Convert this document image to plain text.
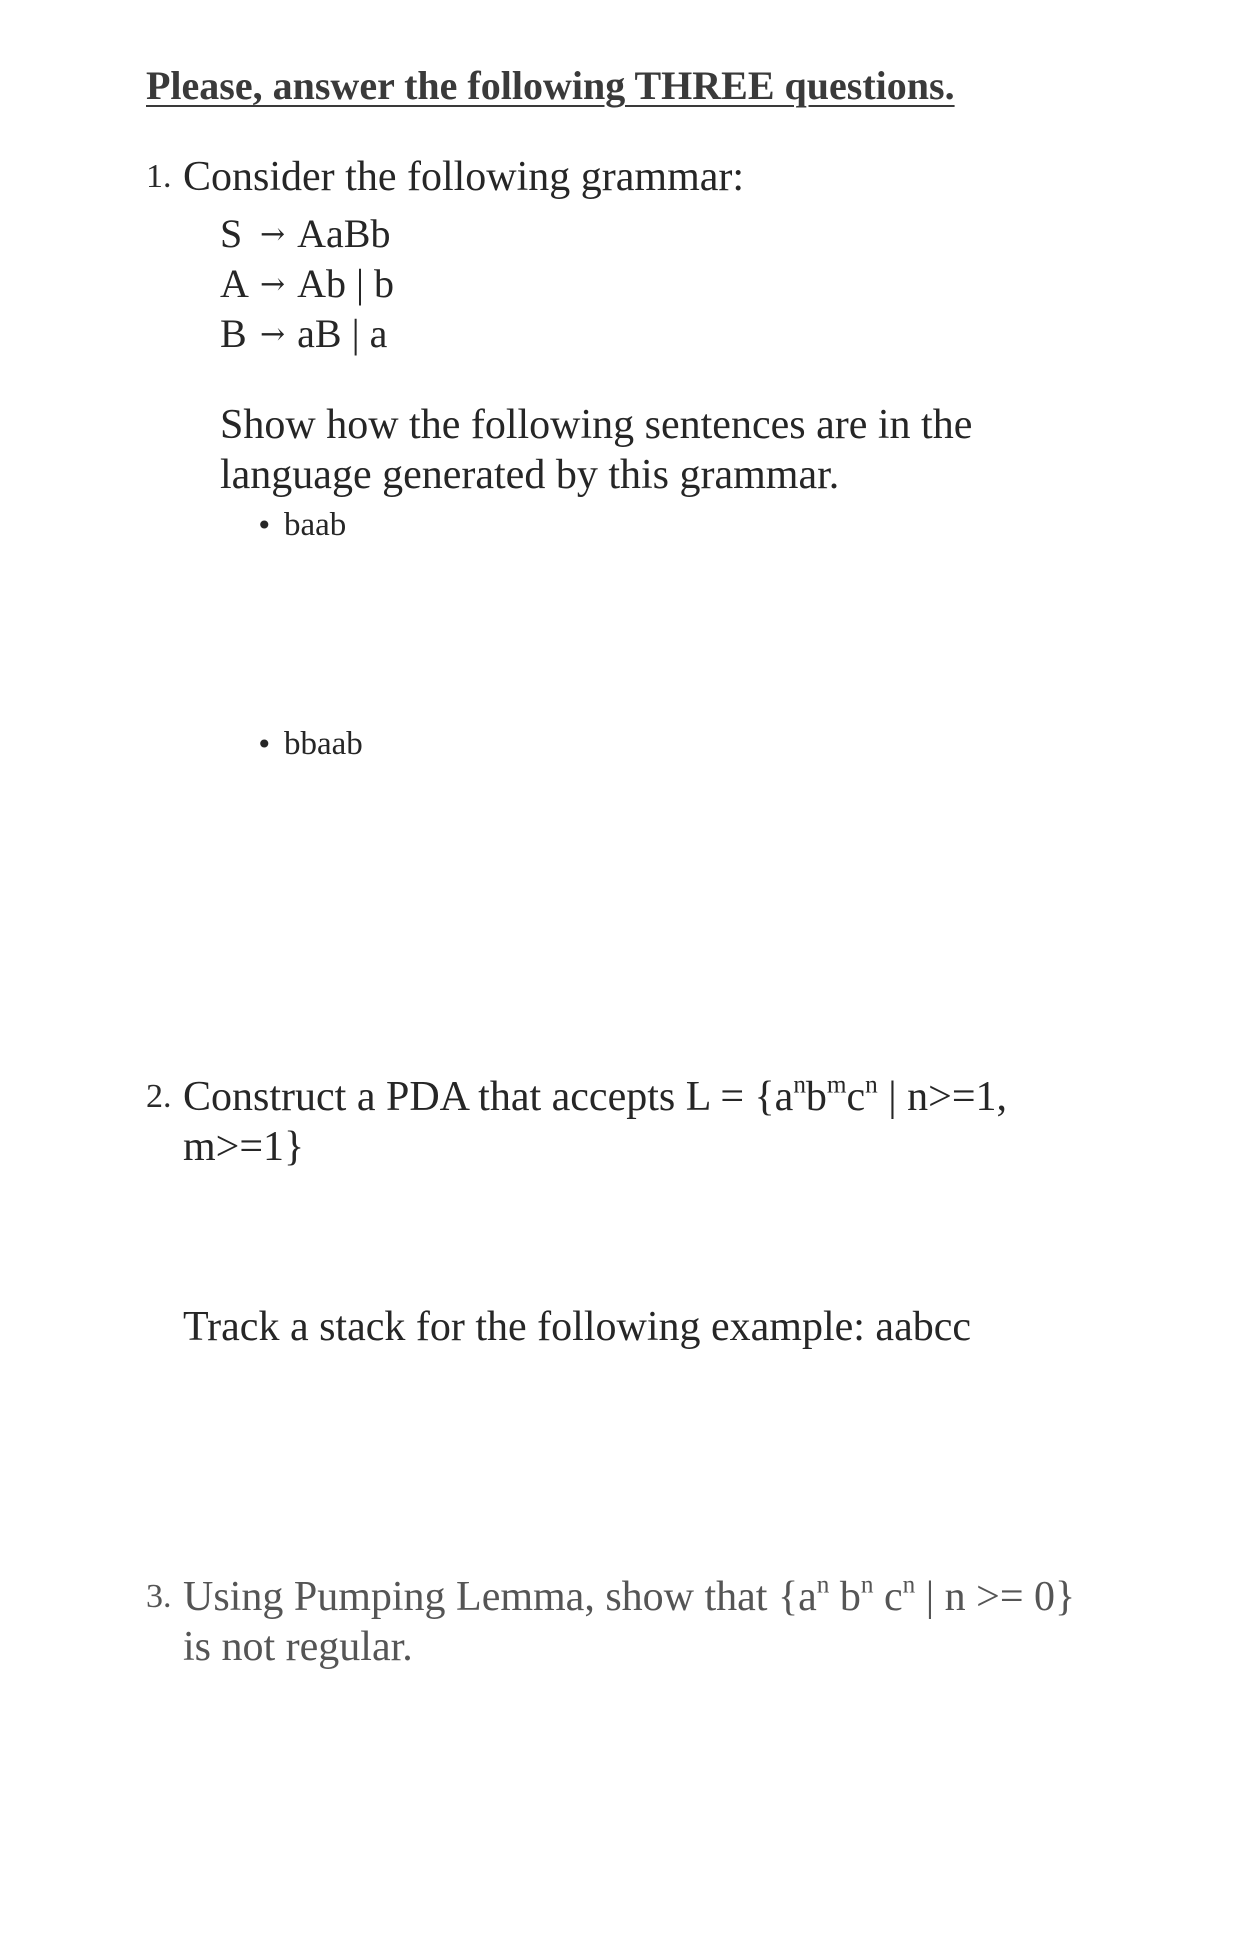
Please, answer the following THREE questions.
1. Consider the following grammar:
S → AaBb
A → Ab | b
B → aB | a
Show how the following sentences are in the
language generated by this grammar.
• baab
• bbaab
2. Construct a PDA that accepts $L = \{a^nb^mc^n$ | n>=1,
m>=1}
Track a stack for the following example: aabcc
3. Using Pumping Lemma, show that {$a^n$ $b^n$ $c^n$ | n >= 0}
is not regular.
